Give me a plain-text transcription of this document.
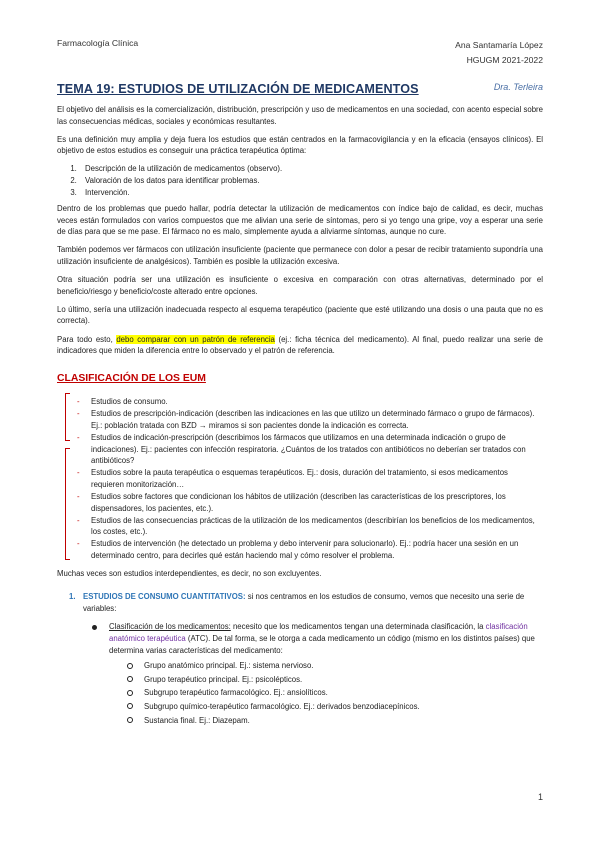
Farmacología Clínica	Ana Santamaría López
HGUGM 2021-2022
TEMA 19: ESTUDIOS DE UTILIZACIÓN DE MEDICAMENTOS	Dra. Terleira

El objetivo del análisis es la comercialización, distribución, prescripción y uso de medicamentos en una sociedad, con acento especial sobre las consecuencias médicas, sociales y económicas resultantes.

Es una definición muy amplia y deja fuera los estudios que están centrados en la farmacovigilancia y en la eficacia (ensayos clínicos). El objetivo de estos estudios es conseguir una práctica terapéutica óptima:

1. Descripción de la utilización de medicamentos (observo).
2. Valoración de los datos para identificar problemas.
3. Intervención.

Dentro de los problemas que puedo hallar, podría detectar la utilización de medicamentos con índice bajo de calidad, es decir, muchas veces están formulados con varios compuestos que me alivian una serie de síntomas, pero si yo tengo una gripe, voy a esperar una serie de días para que se me pase. El fármaco no es malo, simplemente ayuda a aliviarme síntomas, aunque no cure.

También podemos ver fármacos con utilización insuficiente (paciente que permanece con dolor a pesar de recibir tratamiento supondría una utilización insuficiente de analgésicos). También es posible la utilización excesiva.

Otra situación podría ser una utilización es insuficiente o excesiva en comparación con otras alternativas, determinado por el beneficio/riesgo y beneficio/coste alterado entre opciones.

Lo último, sería una utilización inadecuada respecto al esquema terapéutico (paciente que esté utilizando una dosis o una pauta que no es correcta).

Para todo esto, debo comparar con un patrón de referencia (ej.: ficha técnica del medicamento). Al final, puedo realizar una serie de indicadores que miden la diferencia entre lo observado y el patrón de referencia.

CLASIFICACIÓN DE LOS EUM
- Estudios de consumo.
- Estudios de prescripción-indicación (describen las indicaciones en las que utilizo un determinado fármaco o grupo de fármacos). Ej.: población tratada con BZD → miramos si son pacientes donde la indicación es correcta.
- Estudios de indicación-prescripción (describimos los fármacos que utilizamos en una determinada indicación o grupo de indicaciones). Ej.: pacientes con infección respiratoria. ¿Cuántos de los tratados con antibióticos no deberían ser tratados con antibióticos?
- Estudios sobre la pauta terapéutica o esquemas terapéuticos. Ej.: dosis, duración del tratamiento, si esos medicamentos requieren monitorización…
- Estudios sobre factores que condicionan los hábitos de utilización (describen las características de los prescriptores, los dispensadores, los pacientes, etc.).
- Estudios de las consecuencias prácticas de la utilización de los medicamentos (describirían los beneficios de los medicamentos, los costes, etc.).
- Estudios de intervención (he detectado un problema y debo intervenir para solucionarlo). Ej.: podría hacer una sesión en un determinado centro, para decirles qué están haciendo mal y cómo resolver el problema.

Muchas veces son estudios interdependientes, es decir, no son excluyentes.

1. ESTUDIOS DE CONSUMO CUANTITATIVOS: si nos centramos en los estudios de consumo, vemos que necesito una serie de variables:
Clasificación de los medicamentos: necesito que los medicamentos tengan una determinada clasificación, la clasificación anatómico terapéutica (ATC). De tal forma, se le otorga a cada medicamento un código (mismo en los distintos países) que determina varias características del medicamento:
Grupo anatómico principal. Ej.: sistema nervioso.
Grupo terapéutico principal. Ej.: psicolépticos.
Subgrupo terapéutico farmacológico. Ej.: ansiolíticos.
Subgrupo químico-terapéutico farmacológico. Ej.: derivados benzodiacepínicos.
Sustancia final. Ej.: Diazepam.
1
